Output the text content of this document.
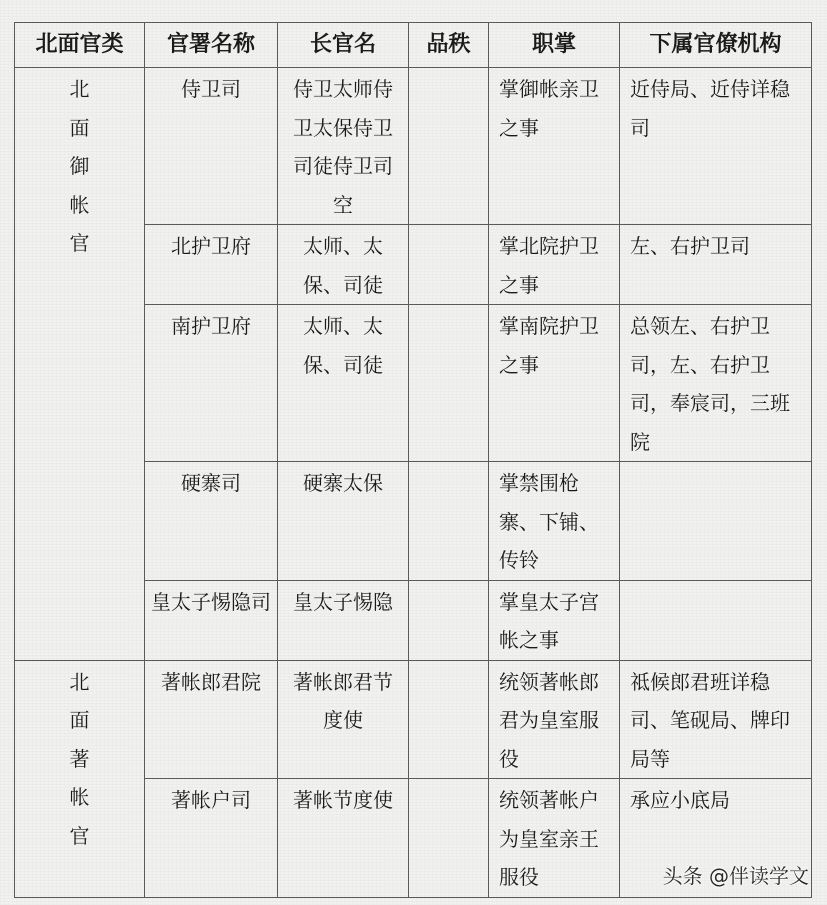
北面官类	官署名称	长官名	品秩	职掌	下属官僚机构

北
面
御
帐
官	侍卫司	侍卫太师侍卫太保侍卫司徒侍卫司空		掌御帐亲卫之事	近侍局、近侍详稳司
	北护卫府	太师、太保、司徒		掌北院护卫之事	左、右护卫司
	南护卫府	太师、太保、司徒		掌南院护卫之事	总领左、右护卫司，左、右护卫司，奉宸司，三班院
	硬寨司	硬寨太保		掌禁围枪寨、下铺、传铃	
	皇太子惕隐司	皇太子惕隐		掌皇太子宫帐之事	

北
面
著
帐
官	著帐郎君院	著帐郎君节度使		统领著帐郎君为皇室服役	祗候郎君班详稳司、笔砚局、牌印局等
	著帐户司	著帐节度使		统领著帐户为皇室亲王服役	承应小底局
头条 @伴读学文
